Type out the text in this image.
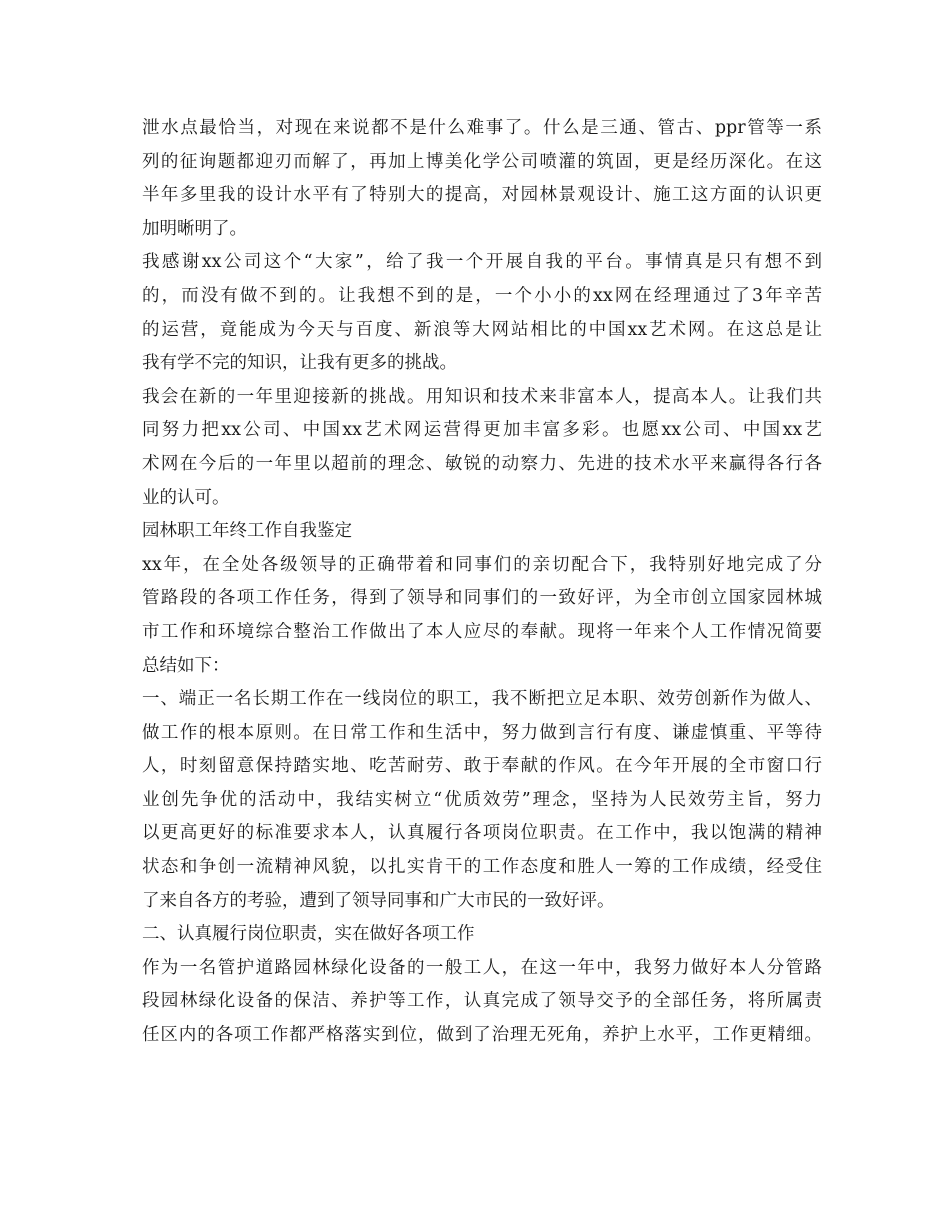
泄水点最恰当，对现在来说都不是什么难事了。什么是三通、管古、ppr管等一系
列的征询题都迎刃而解了，再加上博美化学公司喷灌的筑固，更是经历深化。在这
半年多里我的设计水平有了特别大的提高，对园林景观设计、施工这方面的认识更
加明晰明了。
我感谢xx公司这个“大家”，给了我一个开展自我的平台。事情真是只有想不到
的，而没有做不到的。让我想不到的是，一个小小的xx网在经理通过了3年辛苦
的运营，竟能成为今天与百度、新浪等大网站相比的中国xx艺术网。在这总是让
我有学不完的知识，让我有更多的挑战。
我会在新的一年里迎接新的挑战。用知识和技术来非富本人，提高本人。让我们共
同努力把xx公司、中国xx艺术网运营得更加丰富多彩。也愿xx公司、中国xx艺
术网在今后的一年里以超前的理念、敏锐的动察力、先进的技术水平来赢得各行各
业的认可。
园林职工年终工作自我鉴定
xx年，在全处各级领导的正确带着和同事们的亲切配合下，我特别好地完成了分
管路段的各项工作任务，得到了领导和同事们的一致好评，为全市创立国家园林城
市工作和环境综合整治工作做出了本人应尽的奉献。现将一年来个人工作情况简要
总结如下：
一、端正一名长期工作在一线岗位的职工，我不断把立足本职、效劳创新作为做人、
做工作的根本原则。在日常工作和生活中，努力做到言行有度、谦虚慎重、平等待
人，时刻留意保持踏实地、吃苦耐劳、敢于奉献的作风。在今年开展的全市窗口行
业创先争优的活动中，我结实树立“优质效劳”理念，坚持为人民效劳主旨，努力
以更高更好的标准要求本人，认真履行各项岗位职责。在工作中，我以饱满的精神
状态和争创一流精神风貌，以扎实肯干的工作态度和胜人一筹的工作成绩，经受住
了来自各方的考验，遭到了领导同事和广大市民的一致好评。
二、认真履行岗位职责，实在做好各项工作
作为一名管护道路园林绿化设备的一般工人，在这一年中，我努力做好本人分管路
段园林绿化设备的保洁、养护等工作，认真完成了领导交予的全部任务，将所属责
任区内的各项工作都严格落实到位，做到了治理无死角，养护上水平，工作更精细。
